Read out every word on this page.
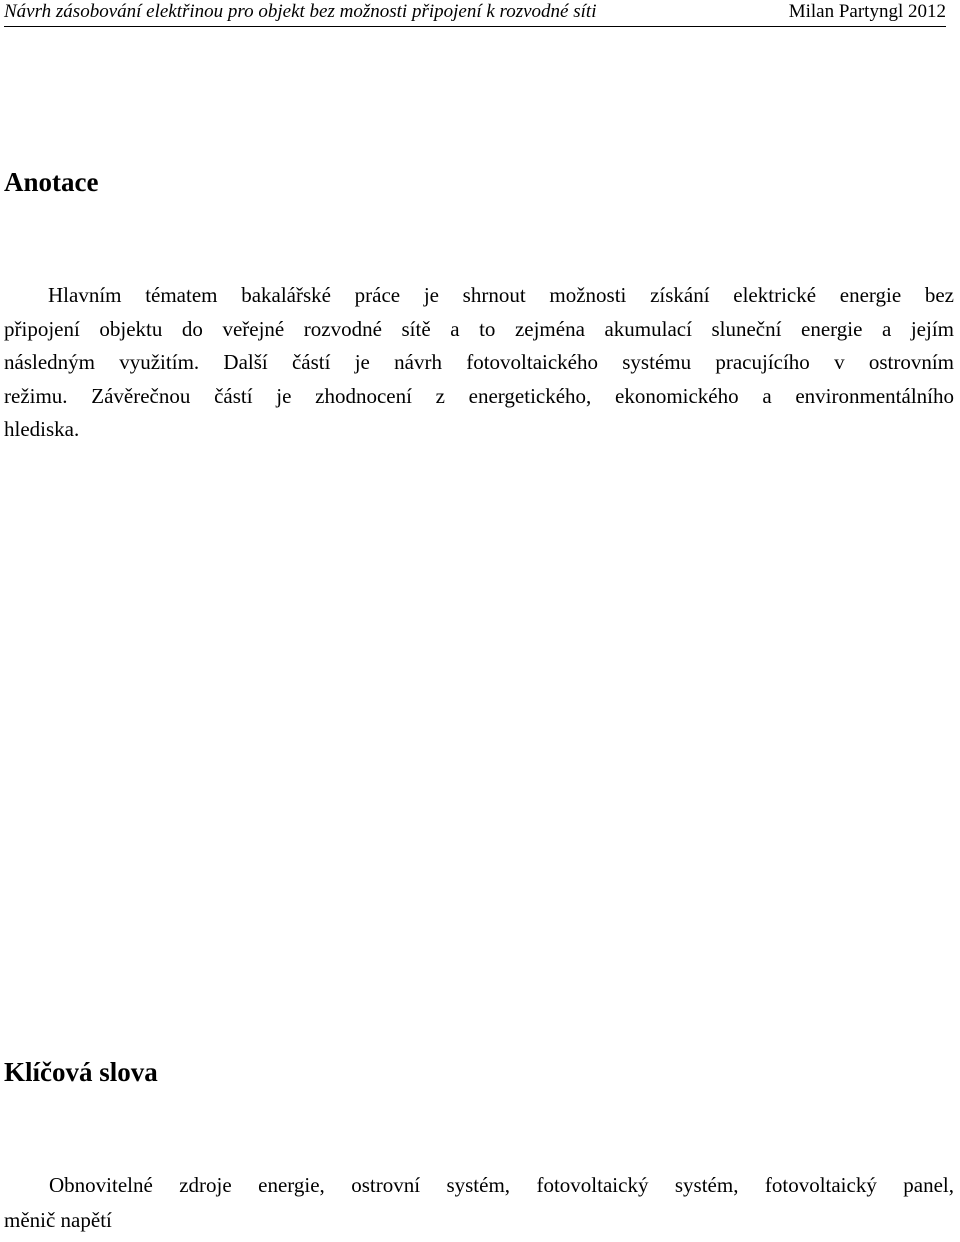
Návrh zásobování elektřinou pro objekt bez možnosti připojení k rozvodné síti	Milan Partyngl 2012
Anotace
Hlavním tématem bakalářské práce je shrnout možnosti získání elektrické energie bez
připojení objektu do veřejné rozvodné sítě a to zejména akumulací sluneční energie a jejím
následným využitím. Další částí je návrh fotovoltaického systému pracujícího v ostrovním
režimu. Závěrečnou částí je zhodnocení z energetického, ekonomického a environmentálního
hlediska.
Klíčová slova
Obnovitelné zdroje energie, ostrovní systém, fotovoltaický systém, fotovoltaický panel,
měnič napětí
